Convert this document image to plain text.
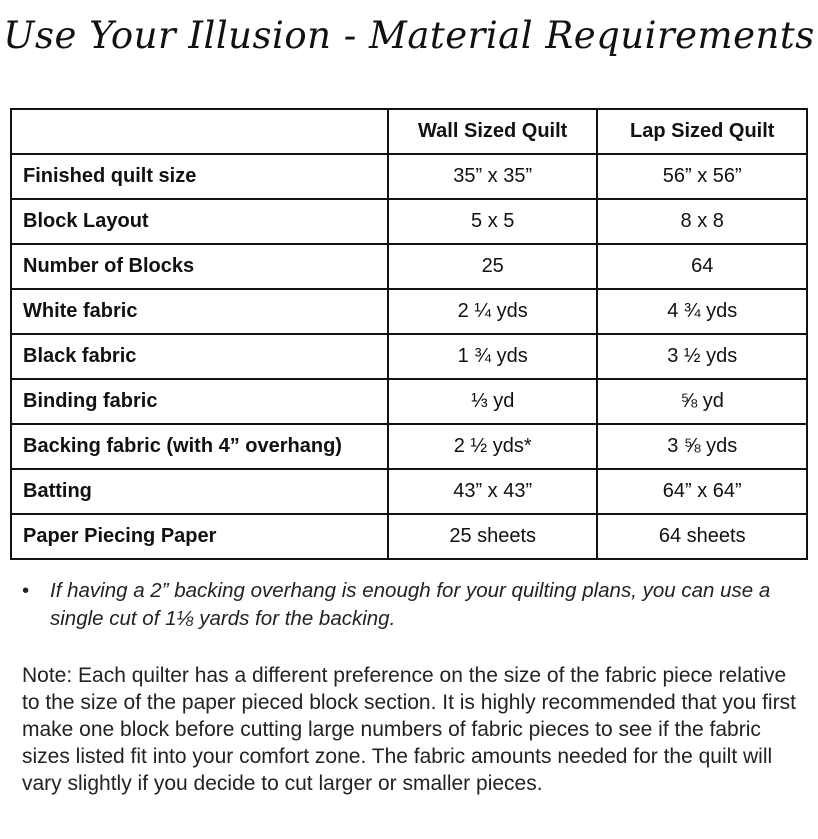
Use Your Illusion - Material Requirements
	Wall Sized Quilt	Lap Sized Quilt
Finished quilt size	35” x 35”	56” x 56”
Block Layout	5 x 5	8 x 8
Number of Blocks	25	64
White fabric	2 ¼ yds	4 ¾ yds
Black fabric	1 ¾ yds	3 ½ yds
Binding fabric	⅓ yd	⅝ yd
Backing fabric (with 4” overhang)	2 ½ yds*	3 ⅝ yds
Batting	43” x 43”	64” x 64”
Paper Piecing Paper	25 sheets	64 sheets
• If having a 2” backing overhang is enough for your quilting plans, you can use a single cut of 1⅛ yards for the backing.
Note: Each quilter has a different preference on the size of the fabric piece relative to the size of the paper pieced block section. It is highly recommended that you first make one block before cutting large numbers of fabric pieces to see if the fabric sizes listed fit into your comfort zone. The fabric amounts needed for the quilt will vary slightly if you decide to cut larger or smaller pieces.
